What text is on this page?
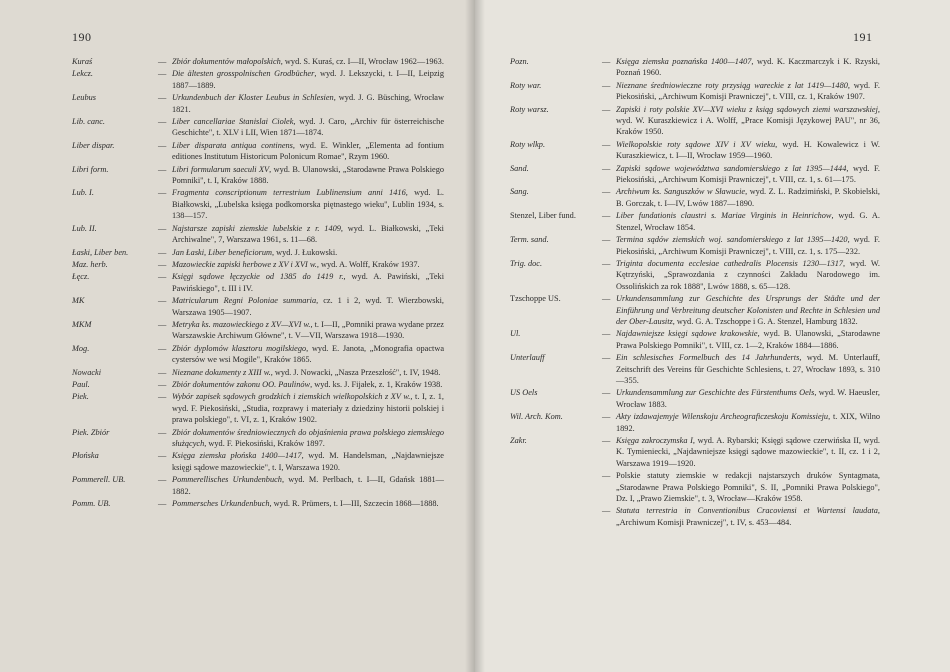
190
Kuraś	— Zbiór dokumentów małopolskich, wyd. S. Kuraś, cz. I—II, Wrocław 1962—1963.
Lekcz.	— Die ältesten grosspolnischen Grodbücher, wyd. J. Lekszycki, t. I—II, Leipzig 1887—1889.
Leubus	— Urkundenbuch der Kloster Leubus in Schlesien, wyd. J. G. Büsching, Wrocław 1821.
Lib. canc.	— Liber cancellariae Stanislai Ciolek, wyd. J. Caro, „Archiv für österreichische Geschichte", t. XLV i LII, Wien 1871—1874.
Liber dispar.	— Liber disparata antiqua continens, wyd. E. Winkler, „Elementa ad fontium editiones Institutum Historicum Polonicum Romae", Rzym 1960.
Libri form.	— Libri formularum saeculi XV, wyd. B. Ulanowski, „Starodawne Prawa Polskiego Pomniki", t. I, Kraków 1888.
Lub. I.	— Fragmenta conscriptionum terrestrium Lublinensium anni 1416, wyd. L. Białkowski, „Lubelska księga podkomorska piętnastego wieku", Lublin 1934, s. 138—157.
Lub. II.	— Najstarsze zapiski ziemskie lubelskie z r. 1409, wyd. L. Białkowski, „Teki Archiwalne", 7, Warszawa 1961, s. 11—68.
Łaski, Liber ben.	— Jan Łaski, Liber beneficiorum, wyd. J. Łukowski.
Maz. herb.	— Mazowieckie zapiski herbowe z XV i XVI w., wyd. A. Wolff, Kraków 1937.
Łęcz.	— Księgi sądowe łęczyckie od 1385 do 1419 r., wyd. A. Pawiński, „Teki Pawińskiego", t. III i IV.
MK	— Matricularum Regni Poloniae summaria, cz. 1 i 2, wyd. T. Wierzbowski, Warszawa 1905—1907.
MKM	— Metryka ks. mazowieckiego z XV—XVI w., t. I—II, „Pomniki prawa wydane przez Warszawskie Archiwum Główne", t. V—VII, Warszawa 1918—1930.
Mog.	— Zbiór dyplomów klasztoru mogilskiego, wyd. E. Janota, „Monografia opactwa cystersów we wsi Mogile", Kraków 1865.
Nowacki	— Nieznane dokumenty z XIII w., wyd. J. Nowacki, „Nasza Przeszłość", t. IV, 1948.
Paul.	— Zbiór dokumentów zakonu OO. Paulinów, wyd. ks. J. Fijałek, z. 1, Kraków 1938.
Piek.	— Wybór zapisek sądowych grodzkich i ziemskich wielkopolskich z XV w., t. I, z. 1, wyd. F. Piekosiński, „Studia, rozprawy i materiały z dziedziny historii polskiej i prawa polskiego", t. VI, z. 1, Kraków 1902.
Piek. Zbiór	— Zbiór dokumentów średniowiecznych do objaśnienia prawa polskiego ziemskiego służących, wyd. F. Piekosiński, Kraków 1897.
Płońska	— Księga ziemska płońska 1400—1417, wyd. M. Handelsman, „Najdawniejsze księgi sądowe mazowieckie", t. I, Warszawa 1920.
Pommerell. UB.	— Pommerellisches Urkundenbuch, wyd. M. Perlbach, t. I—II, Gdańsk 1881—1882.
Pomm. UB.	— Pommersches Urkundenbuch, wyd. R. Prümers, t. I—III, Szczecin 1868—1888.
191
Pozn.	— Księga ziemska poznańska 1400—1407, wyd. K. Kaczmarczyk i K. Rzyski, Poznań 1960.
Roty war.	— Nieznane średniowieczne roty przysiąg wareckie z lat 1419—1480, wyd. F. Piekosiński, „Archiwum Komisji Prawniczej", t. VIII, cz. 1, Kraków 1907.
Roty warsz.	— Zapiski i roty polskie XV—XVI wieku z ksiąg sądowych ziemi warszawskiej, wyd. W. Kuraszkiewicz i A. Wolff, „Prace Komisji Językowej PAU", nr 36, Kraków 1950.
Roty wlkp.	— Wielkopolskie roty sądowe XIV i XV wieku, wyd. H. Kowalewicz i W. Kuraszkiewicz, t. I—II, Wrocław 1959—1960.
Sand.	— Zapiski sądowe województwa sandomierskiego z lat 1395—1444, wyd. F. Piekosiński, „Archiwum Komisji Prawniczej", t. VIII, cz. 1, s. 61—175.
Sang.	— Archiwum ks. Sanguszków w Sławucie, wyd. Z. L. Radzimiński, P. Skobielski, B. Gorczak, t. I—IV, Lwów 1887—1890.
Stenzel, Liber fund.	— Liber fundationis claustri s. Mariae Virginis in Heinrichow, wyd. G. A. Stenzel, Wrocław 1854.
Term. sand.	— Termina sądów ziemskich woj. sandomierskiego z lat 1395—1420, wyd. F. Piekosiński, „Archiwum Komisji Prawniczej", t. VIII, cz. 1, s. 175—232.
Trig. doc.	— Triginta documenta ecclesiae cathedralis Plocensis 1230—1317, wyd. W. Kętrzyński, „Sprawozdania z czynności Zakładu Narodowego im. Ossolińskich za rok 1888", Lwów 1888, s. 65—128.
Tzschoppe US.	— Urkundensammlung zur Geschichte des Ursprungs der Städte und der Einführung und Verbreitung deutscher Kolonisten und Rechte in Schlesien und der Ober-Lausitz, wyd. G. A. Tzschoppe i G. A. Stenzel, Hamburg 1832.
Ul.	— Najdawniejsze księgi sądowe krakowskie, wyd. B. Ulanowski, „Starodawne Prawa Polskiego Pomniki", t. VIII, cz. 1—2, Kraków 1884—1886.
Unterlauff	— Ein schlesisches Formelbuch des 14 Jahrhunderts, wyd. M. Unterlauff, Zeitschrift des Vereins für Geschichte Schlesiens, t. 27, Wrocław 1893, s. 310—355.
US Oels	— Urkundensammlung zur Geschichte des Fürstenthums Oels, wyd. W. Haeusler, Wrocław 1883.
Wil. Arch. Kom.	— Akty izdawajemyje Wilenskoju Archeograficzeskoju Komissieju, t. XIX, Wilno 1892.
Zakr.	— Księga zakroczymska I, wyd. A. Rybarski; Księgi sądowe czerwińska II, wyd. K. Tymieniecki, „Najdawniejsze księgi sądowe mazowieckie", t. II, cz. 1 i 2, Warszawa 1919—1920.
— Polskie statuty ziemskie w redakcji najstarszych druków Syntagmata, „Starodawne Prawa Polskiego Pomniki", S. II, „Pomniki Prawa Polskiego", Dz. I, „Prawo Ziemskie", t. 3, Wrocław—Kraków 1958.
— Statuta terrestria in Conventionibus Cracoviensi et Wartensi laudata, „Archiwum Komisji Prawniczej", t. IV, s. 453—484.
